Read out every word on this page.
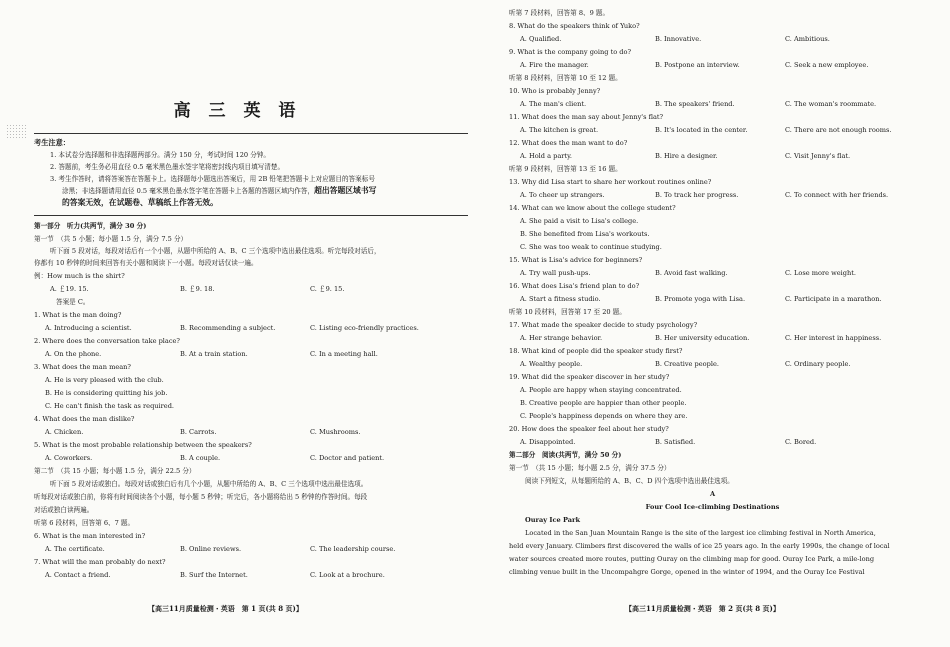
高 三 英 语
考生注意：
1. 本试卷分选择题和非选择题两部分。满分 150 分，考试时间 120 分钟。
2. 答题前，考生务必用直径 0.5 毫米黑色墨水签字笔将密封线内项目填写清楚。
3. 考生作答时，请将答案答在答题卡上。选择题每小题选出答案后，用 2B 铅笔把答题卡上对应题目的答案标号
涂黑；非选择题请用直径 0.5 毫米黑色墨水签字笔在答题卡上各题的答题区域内作答，超出答题区域书写
的答案无效，在试题卷、草稿纸上作答无效。
第一部分　听力(共两节，满分 30 分)
第一节　（共 5 小题；每小题 1.5 分，满分 7.5 分）
听下面 5 段对话，每段对话后有一个小题，从题中所给的 A、B、C 三个选项中选出最佳选项。听完每段对话后，
你都有 10 秒钟的时间来回答有关小题和阅读下一小题。每段对话仅读一遍。
例：How much is the shirt?
A. ￡19. 15.	B. ￡9. 18.	C. ￡9. 15.
答案是 C。
1. What is the man doing?
A. Introducing a scientist.	B. Recommending a subject.	C. Listing eco-friendly practices.
2. Where does the conversation take place?
A. On the phone.	B. At a train station.	C. In a meeting hall.
3. What does the man mean?
A. He is very pleased with the club.
B. He is considering quitting his job.
C. He can't finish the task as required.
4. What does the man dislike?
A. Chicken.	B. Carrots.	C. Mushrooms.
5. What is the most probable relationship between the speakers?
A. Coworkers.	B. A couple.	C. Doctor and patient.
第二节　（共 15 小题；每小题 1.5 分，满分 22.5 分）
听下面 5 段对话或独白。每段对话或独白后有几个小题，从题中所给的 A、B、C 三个选项中选出最佳选项。
听每段对话或独白前，你将有时间阅读各个小题，每小题 5 秒钟；听完后，各小题将给出 5 秒钟的作答时间。每段
对话或独白读两遍。
听第 6 段材料，回答第 6、7 题。
6. What is the man interested in?
A. The certificate.	B. Online reviews.	C. The leadership course.
7. What will the man probably do next?
A. Contact a friend.	B. Surf the Internet.	C. Look at a brochure.
【高三11月质量检测・英语　第 1 页(共 8 页)】
听第 7 段材料，回答第 8、9 题。
8. What do the speakers think of Yuko?
A. Qualified.	B. Innovative.	C. Ambitious.
9. What is the company going to do?
A. Fire the manager.	B. Postpone an interview.	C. Seek a new employee.
听第 8 段材料，回答第 10 至 12 题。
10. Who is probably Jenny?
A. The man's client.	B. The speakers' friend.	C. The woman's roommate.
11. What does the man say about Jenny's flat?
A. The kitchen is great.	B. It's located in the center.	C. There are not enough rooms.
12. What does the man want to do?
A. Hold a party.	B. Hire a designer.	C. Visit Jenny's flat.
听第 9 段材料，回答第 13 至 16 题。
13. Why did Lisa start to share her workout routines online?
A. To cheer up strangers.	B. To track her progress.	C. To connect with her friends.
14. What can we know about the college student?
A. She paid a visit to Lisa's college.
B. She benefited from Lisa's workouts.
C. She was too weak to continue studying.
15. What is Lisa's advice for beginners?
A. Try wall push-ups.	B. Avoid fast walking.	C. Lose more weight.
16. What does Lisa's friend plan to do?
A. Start a fitness studio.	B. Promote yoga with Lisa.	C. Participate in a marathon.
听第 10 段材料，回答第 17 至 20 题。
17. What made the speaker decide to study psychology?
A. Her strange behavior.	B. Her university education.	C. Her interest in happiness.
18. What kind of people did the speaker study first?
A. Wealthy people.	B. Creative people.	C. Ordinary people.
19. What did the speaker discover in her study?
A. People are happy when staying concentrated.
B. Creative people are happier than other people.
C. People's happiness depends on where they are.
20. How does the speaker feel about her study?
A. Disappointed.	B. Satisfied.	C. Bored.
第二部分　阅读(共两节，满分 50 分)
第一节　（共 15 小题；每小题 2.5 分，满分 37.5 分）
阅读下列短文，从每题所给的 A、B、C、D 四个选项中选出最佳选项。
A
Four Cool Ice-climbing Destinations
Ouray Ice Park
Located in the San Juan Mountain Range is the site of the largest ice climbing festival in North America,
held every January. Climbers first discovered the walls of ice 25 years ago. In the early 1990s, the change of local
water sources created more routes, putting Ouray on the climbing map for good. Ouray Ice Park, a mile-long
climbing venue built in the Uncompahgre Gorge, opened in the winter of 1994, and the Ouray Ice Festival
【高三11月质量检测・英语　第 2 页(共 8 页)】
